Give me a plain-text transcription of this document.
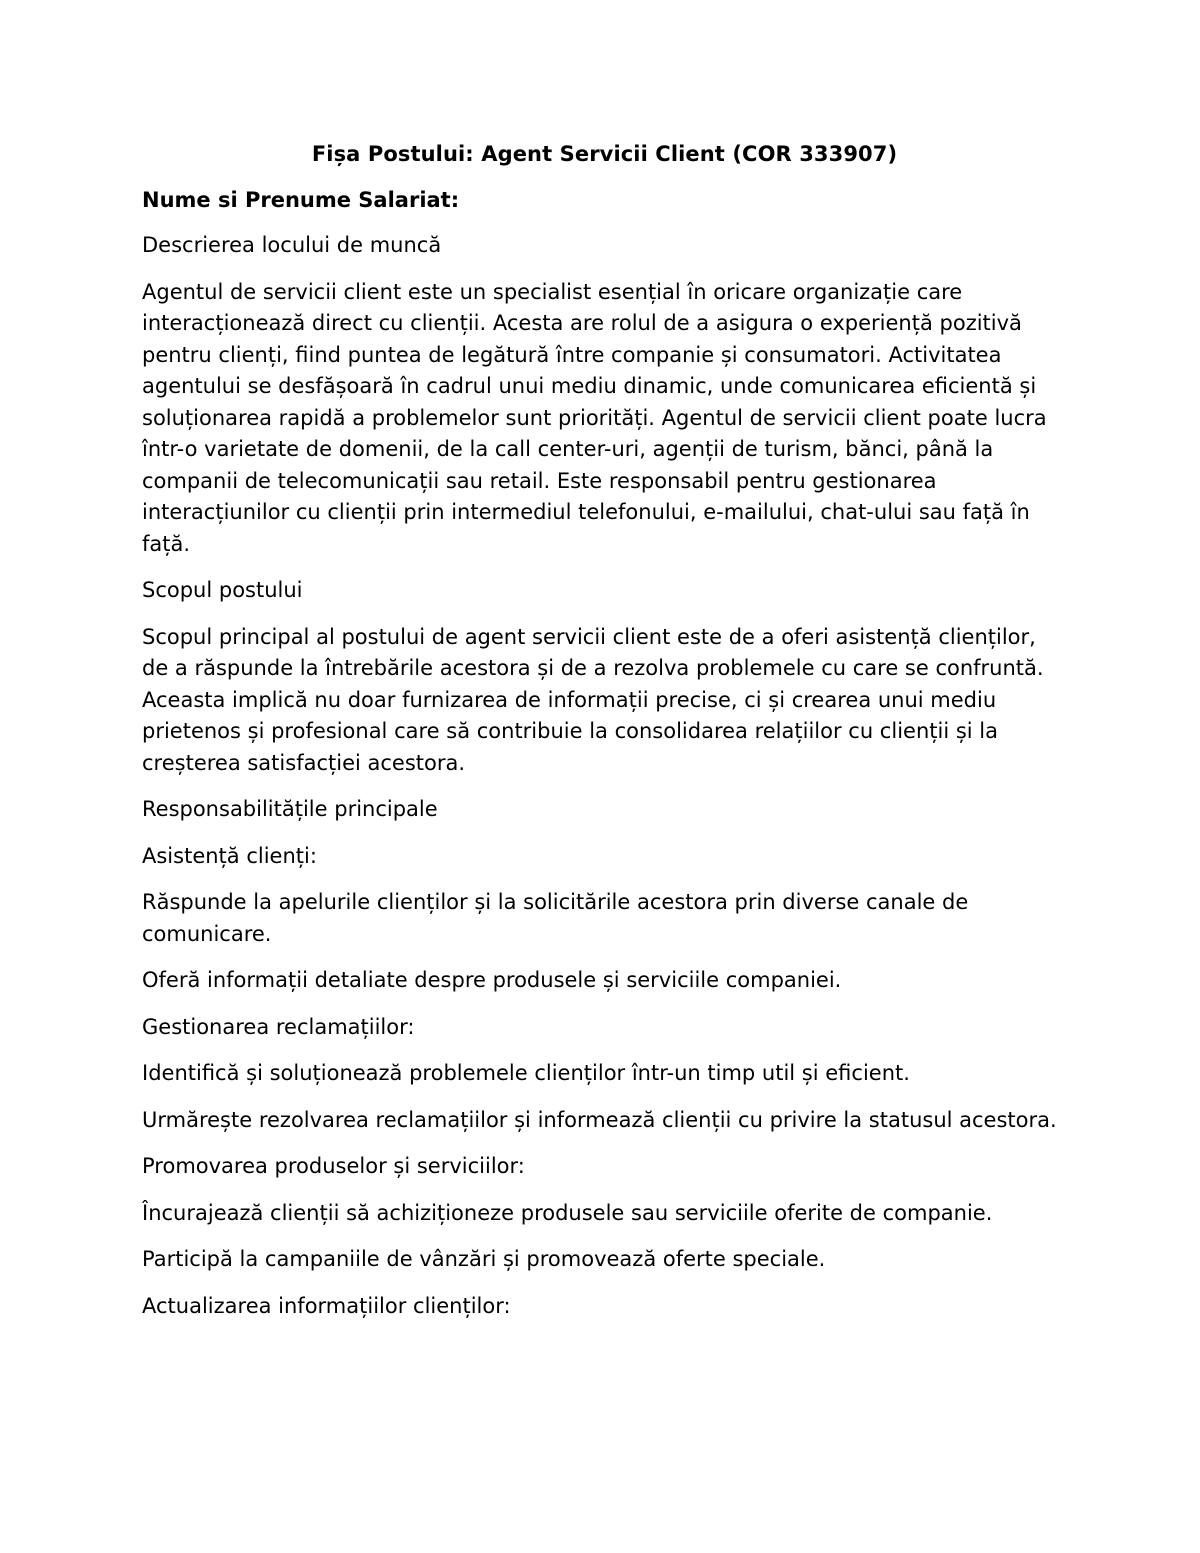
Fișa Postului: Agent Servicii Client (COR 333907)
Nume si Prenume Salariat:

Descrierea locului de muncă

Agentul de servicii client este un specialist esențial în oricare organizație care interacționează direct cu clienții. Acesta are rolul de a asigura o experiență pozitivă pentru clienți, fiind puntea de legătură între companie și consumatori. Activitatea agentului se desfășoară în cadrul unui mediu dinamic, unde comunicarea eficientă și soluționarea rapidă a problemelor sunt priorități. Agentul de servicii client poate lucra într-o varietate de domenii, de la call center-uri, agenții de turism, bănci, până la companii de telecomunicații sau retail. Este responsabil pentru gestionarea interacțiunilor cu clienții prin intermediul telefonului, e-mailului, chat-ului sau față în față.

Scopul postului

Scopul principal al postului de agent servicii client este de a oferi asistență clienților, de a răspunde la întrebările acestora și de a rezolva problemele cu care se confruntă. Aceasta implică nu doar furnizarea de informații precise, ci și crearea unui mediu prietenos și profesional care să contribuie la consolidarea relațiilor cu clienții și la creșterea satisfacției acestora.

Responsabilitățile principale

Asistență clienți:

Răspunde la apelurile clienților și la solicitările acestora prin diverse canale de comunicare.

Oferă informații detaliate despre produsele și serviciile companiei.

Gestionarea reclamațiilor:

Identifică și soluționează problemele clienților într-un timp util și eficient.

Urmărește rezolvarea reclamațiilor și informează clienții cu privire la statusul acestora.

Promovarea produselor și serviciilor:

Încurajează clienții să achiziționeze produsele sau serviciile oferite de companie.

Participă la campaniile de vânzări și promovează oferte speciale.

Actualizarea informațiilor clienților:
